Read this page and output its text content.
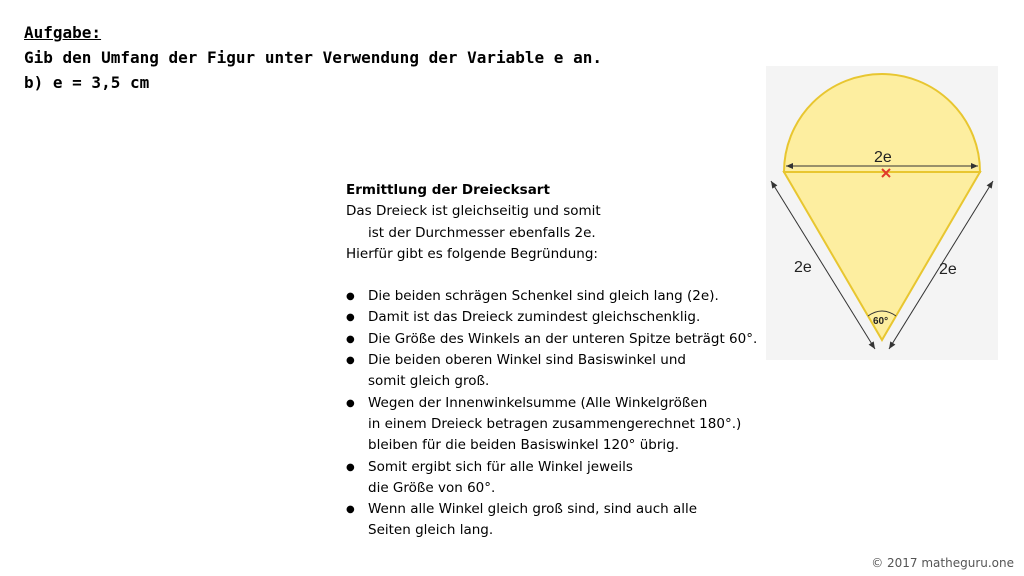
Aufgabe:
Gib den Umfang der Figur unter Verwendung der Variable e an.
b) e = 3,5 cm
Ermittlung der Dreiecksart
Das Dreieck ist gleichseitig und somit
ist der Durchmesser ebenfalls 2e.
Hierfür gibt es folgende Begründung:
● Die beiden schrägen Schenkel sind gleich lang (2e).
● Damit ist das Dreieck zumindest gleichschenklig.
● Die Größe des Winkels an der unteren Spitze beträgt 60°.
● Die beiden oberen Winkel sind Basiswinkel und
somit gleich groß.
● Wegen der Innenwinkelsumme (Alle Winkelgrößen
in einem Dreieck betragen zusammengerechnet 180°.)
bleiben für die beiden Basiswinkel 120° übrig.
● Somit ergibt sich für alle Winkel jeweils
die Größe von 60°.
● Wenn alle Winkel gleich groß sind, sind auch alle
Seiten gleich lang.
2e
2e	2e
60°
© 2017 matheguru.one
